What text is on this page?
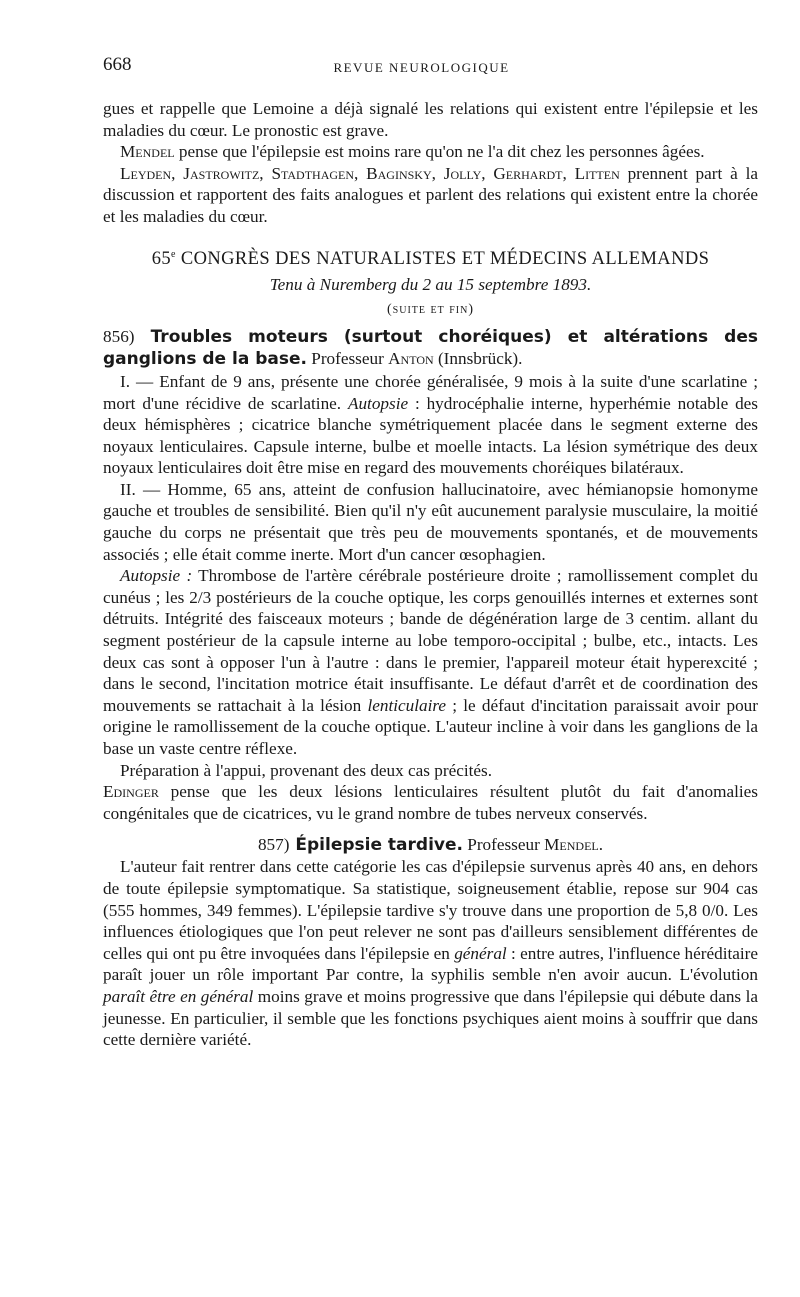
668	REVUE NEUROLOGIQUE

gues et rappelle que Lemoine a déjà signalé les relations qui existent entre l'épilepsie et les maladies du cœur. Le pronostic est grave.

Mendel pense que l'épilepsie est moins rare qu'on ne l'a dit chez les personnes âgées.

Leyden, Jastrowitz, Stadthagen, Baginsky, Jolly, Gerhardt, Litten prennent part à la discussion et rapportent des faits analogues et parlent des relations qui existent entre la chorée et les maladies du cœur.

65e CONGRÈS DES NATURALISTES ET MÉDECINS ALLEMANDS
Tenu à Nuremberg du 2 au 15 septembre 1893.
(suite et fin)

856) Troubles moteurs (surtout choréiques) et altérations des ganglions de la base. Professeur Anton (Innsbrück).

I. — Enfant de 9 ans, présente une chorée généralisée, 9 mois à la suite d'une scarlatine ; mort d'une récidive de scarlatine. Autopsie : hydrocéphalie interne, hyperhémie notable des deux hémisphères ; cicatrice blanche symétriquement placée dans le segment externe des noyaux lenticulaires. Capsule interne, bulbe et moelle intacts. La lésion symétrique des deux noyaux lenticulaires doit être mise en regard des mouvements choréiques bilatéraux.

II. — Homme, 65 ans, atteint de confusion hallucinatoire, avec hémianopsie homonyme gauche et troubles de sensibilité. Bien qu'il n'y eût aucunement paralysie musculaire, la moitié gauche du corps ne présentait que très peu de mouvements spontanés, et de mouvements associés ; elle était comme inerte. Mort d'un cancer œsophagien.

Autopsie : Thrombose de l'artère cérébrale postérieure droite ; ramollissement complet du cunéus ; les 2/3 postérieurs de la couche optique, les corps genouillés internes et externes sont détruits. Intégrité des faisceaux moteurs ; bande de dégénération large de 3 centim. allant du segment postérieur de la capsule interne au lobe temporo-occipital ; bulbe, etc., intacts. Les deux cas sont à opposer l'un à l'autre : dans le premier, l'appareil moteur était hyperexcité ; dans le second, l'incitation motrice était insuffisante. Le défaut d'arrêt et de coordination des mouvements se rattachait à la lésion lenticulaire ; le défaut d'incitation paraissait avoir pour origine le ramollissement de la couche optique. L'auteur incline à voir dans les ganglions de la base un vaste centre réflexe.

Préparation à l'appui, provenant des deux cas précités.

Edinger pense que les deux lésions lenticulaires résultent plutôt du fait d'anomalies congénitales que de cicatrices, vu le grand nombre de tubes nerveux conservés.

857) Épilepsie tardive. Professeur Mendel.

L'auteur fait rentrer dans cette catégorie les cas d'épilepsie survenus après 40 ans, en dehors de toute épilepsie symptomatique. Sa statistique, soigneusement établie, repose sur 904 cas (555 hommes, 349 femmes). L'épilepsie tardive s'y trouve dans une proportion de 5,8 0/0. Les influences étiologiques que l'on peut relever ne sont pas d'ailleurs sensiblement différentes de celles qui ont pu être invoquées dans l'épilepsie en général : entre autres, l'influence héréditaire paraît jouer un rôle important Par contre, la syphilis semble n'en avoir aucun. L'évolution paraît être en général moins grave et moins progressive que dans l'épilepsie qui débute dans la jeunesse. En particulier, il semble que les fonctions psychiques aient moins à souffrir que dans cette dernière variété.
